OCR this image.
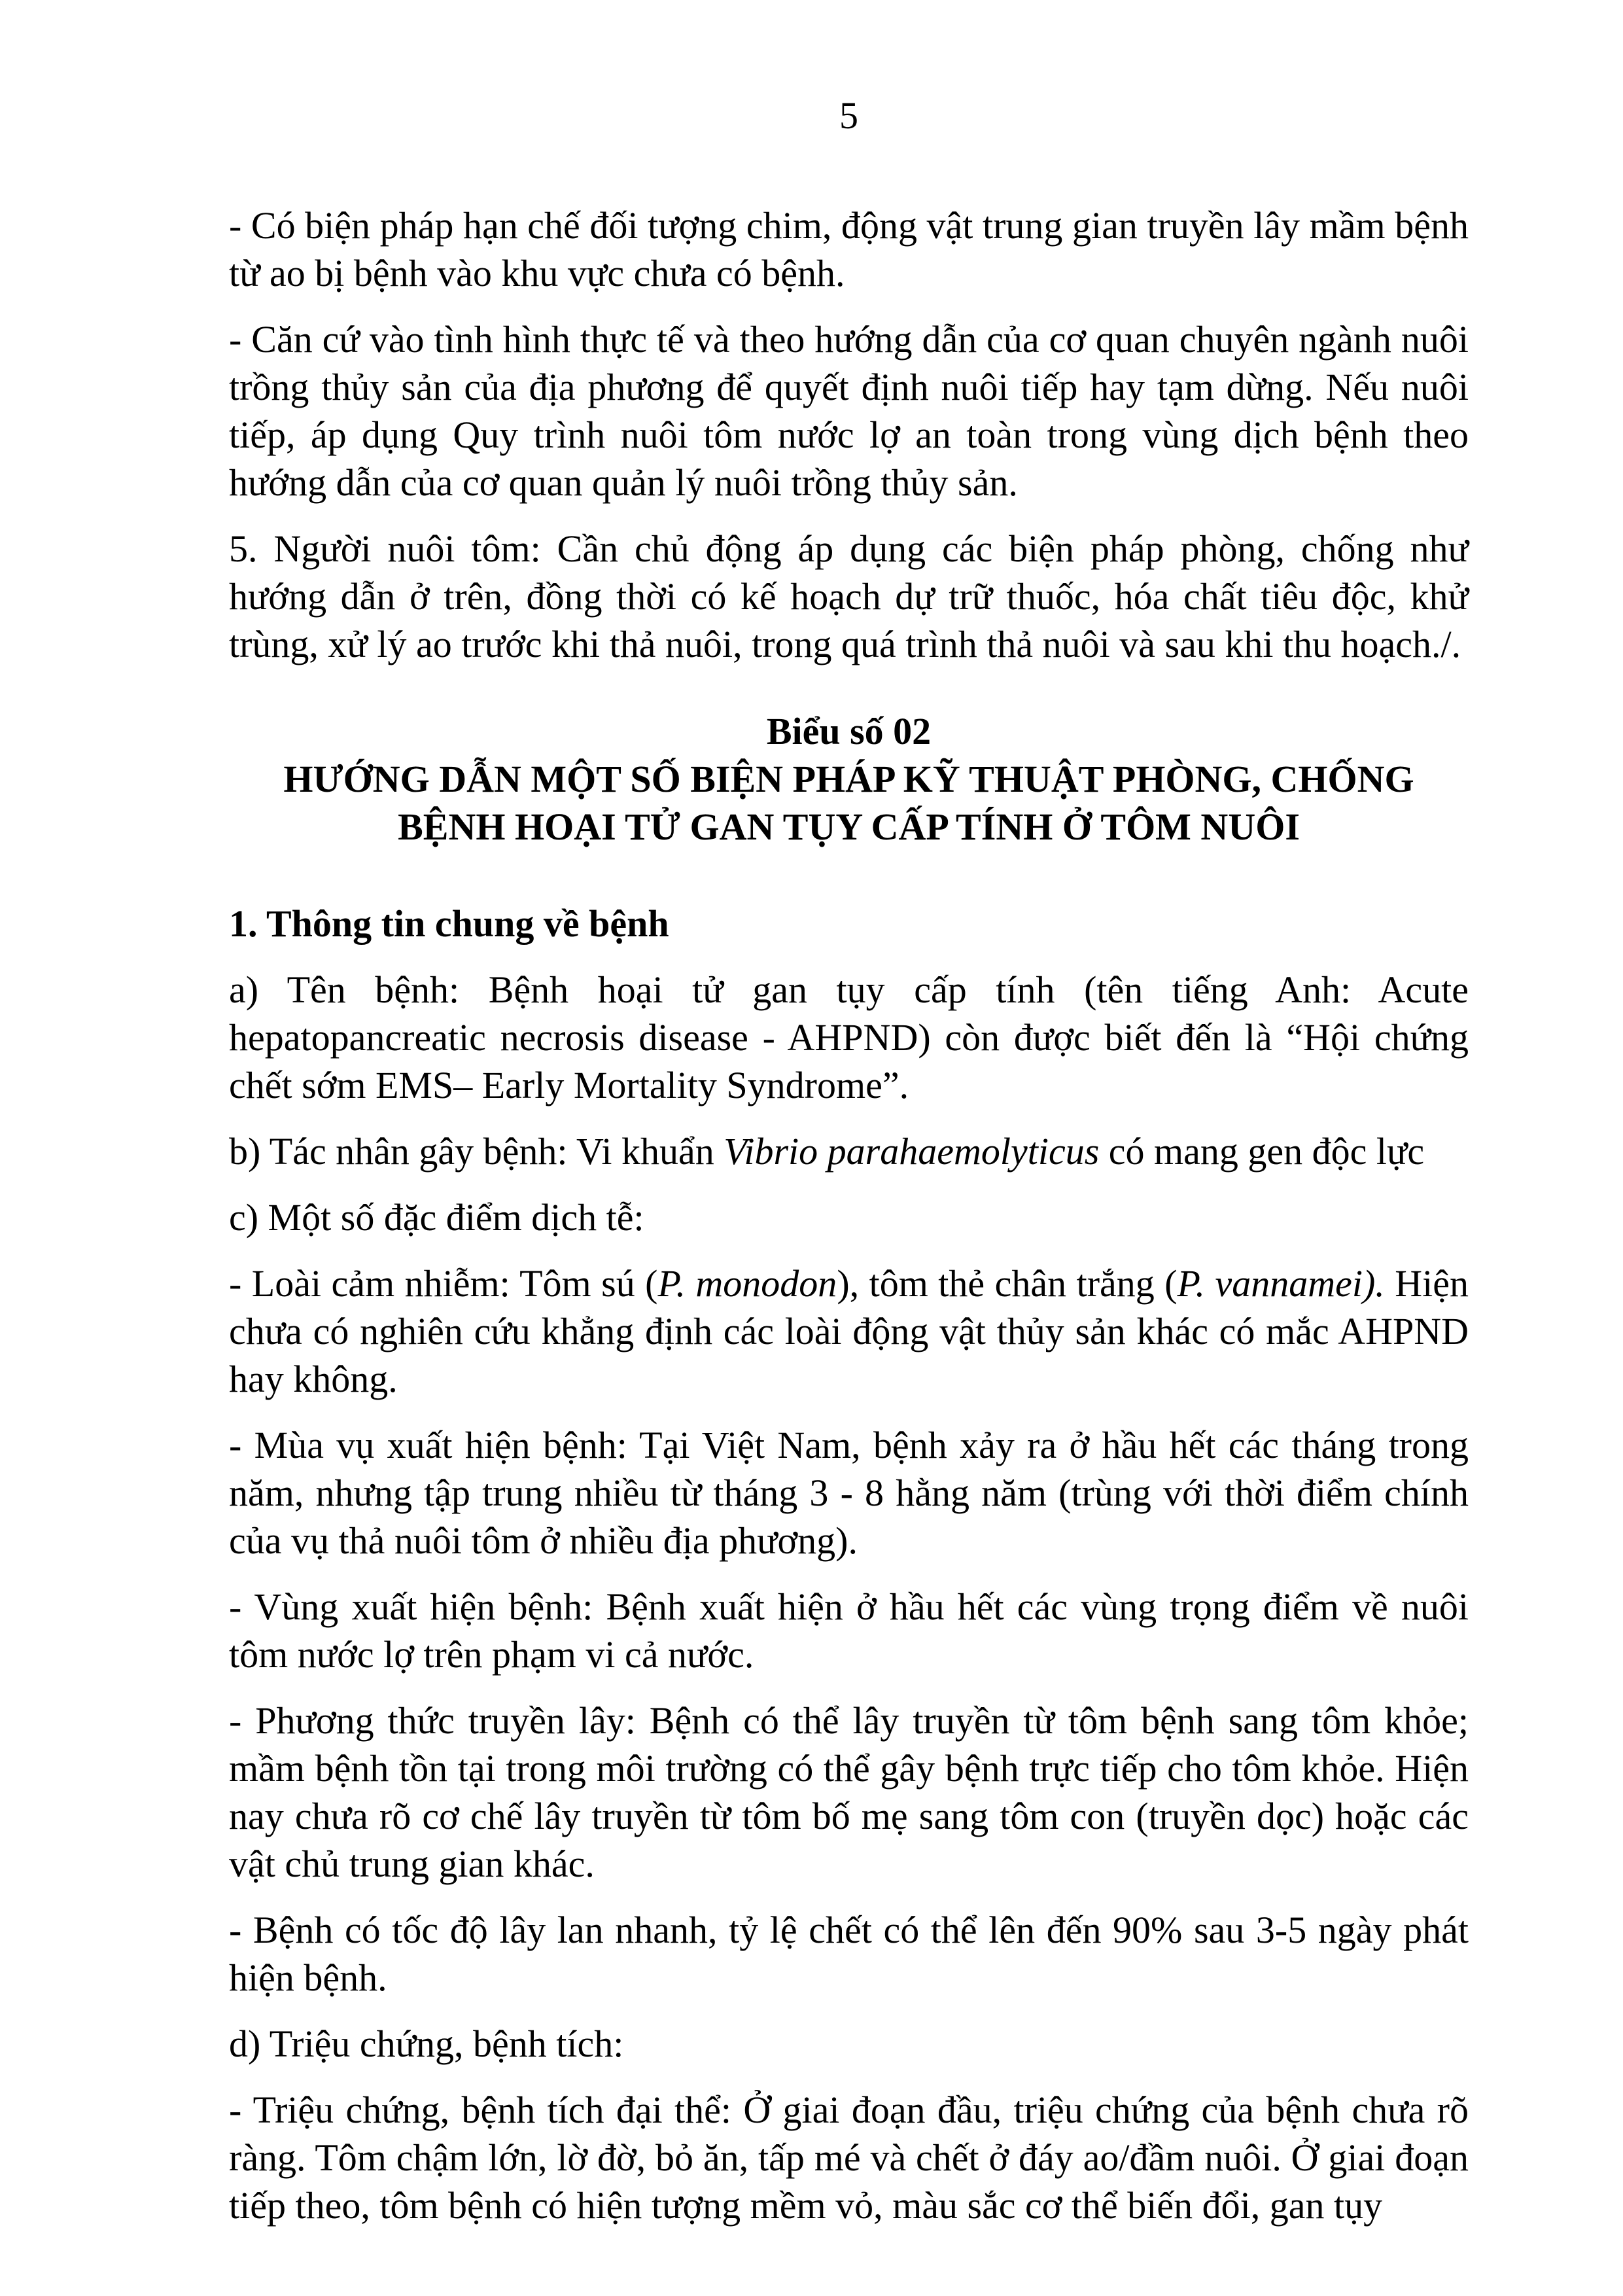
5

- Có biện pháp hạn chế đối tượng chim, động vật trung gian truyền lây mầm bệnh từ ao bị bệnh vào khu vực chưa có bệnh.

- Căn cứ vào tình hình thực tế và theo hướng dẫn của cơ quan chuyên ngành nuôi trồng thủy sản của địa phương để quyết định nuôi tiếp hay tạm dừng. Nếu nuôi tiếp, áp dụng Quy trình nuôi tôm nước lợ an toàn trong vùng dịch bệnh theo hướng dẫn của cơ quan quản lý nuôi trồng thủy sản.

5. Người nuôi tôm: Cần chủ động áp dụng các biện pháp phòng, chống như hướng dẫn ở trên, đồng thời có kế hoạch dự trữ thuốc, hóa chất tiêu độc, khử trùng, xử lý ao trước khi thả nuôi, trong quá trình thả nuôi và sau khi thu hoạch./.

Biểu số 02

HƯỚNG DẪN MỘT SỐ BIỆN PHÁP KỸ THUẬT PHÒNG, CHỐNG

BỆNH HOẠI TỬ GAN TỤY CẤP TÍNH Ở TÔM NUÔI

1. Thông tin chung về bệnh

a) Tên bệnh: Bệnh hoại tử gan tụy cấp tính (tên tiếng Anh: Acute hepatopancreatic necrosis disease - AHPND) còn được biết đến là “Hội chứng chết sớm EMS– Early Mortality Syndrome”.

b) Tác nhân gây bệnh: Vi khuẩn Vibrio parahaemolyticus có mang gen độc lực

c) Một số đặc điểm dịch tễ:

- Loài cảm nhiễm: Tôm sú (P. monodon), tôm thẻ chân trắng (P. vannamei). Hiện chưa có nghiên cứu khẳng định các loài động vật thủy sản khác có mắc AHPND hay không.

- Mùa vụ xuất hiện bệnh: Tại Việt Nam, bệnh xảy ra ở hầu hết các tháng trong năm, nhưng tập trung nhiều từ tháng 3 - 8 hằng năm (trùng với thời điểm chính của vụ thả nuôi tôm ở nhiều địa phương).

- Vùng xuất hiện bệnh: Bệnh xuất hiện ở hầu hết các vùng trọng điểm về nuôi tôm nước lợ trên phạm vi cả nước.

- Phương thức truyền lây: Bệnh có thể lây truyền từ tôm bệnh sang tôm khỏe; mầm bệnh tồn tại trong môi trường có thể gây bệnh trực tiếp cho tôm khỏe. Hiện nay chưa rõ cơ chế lây truyền từ tôm bố mẹ sang tôm con (truyền dọc) hoặc các vật chủ trung gian khác.

- Bệnh có tốc độ lây lan nhanh, tỷ lệ chết có thể lên đến 90% sau 3-5 ngày phát hiện bệnh.

d) Triệu chứng, bệnh tích:

- Triệu chứng, bệnh tích đại thể: Ở giai đoạn đầu, triệu chứng của bệnh chưa rõ ràng. Tôm chậm lớn, lờ đờ, bỏ ăn, tấp mé và chết ở đáy ao/đầm nuôi. Ở giai đoạn tiếp theo, tôm bệnh có hiện tượng mềm vỏ, màu sắc cơ thể biến đổi, gan tụy
